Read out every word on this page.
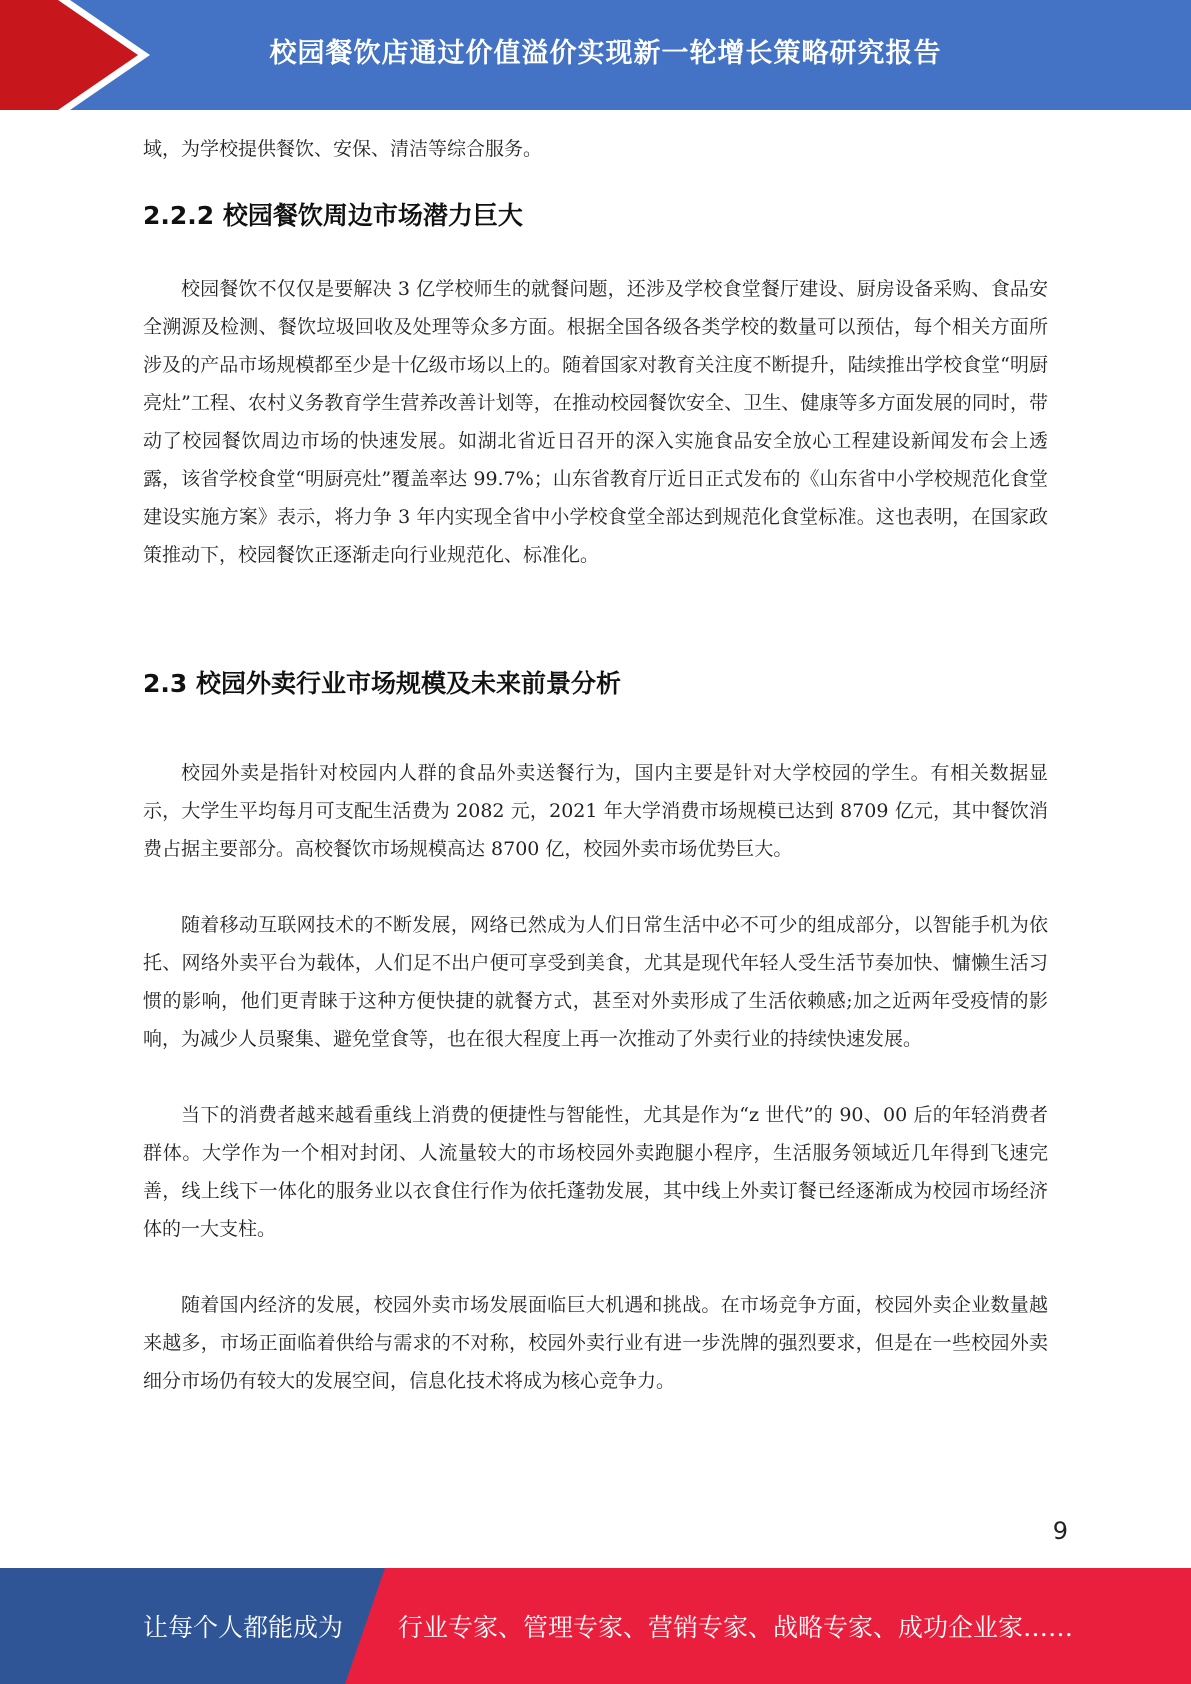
校园餐饮店通过价值溢价实现新一轮增长策略研究报告

域，为学校提供餐饮、安保、清洁等综合服务。

2.2.2 校园餐饮周边市场潜力巨大

校园餐饮不仅仅是要解决 3 亿学校师生的就餐问题，还涉及学校食堂餐厅建设、厨房设备采购、食品安全溯源及检测、餐饮垃圾回收及处理等众多方面。根据全国各级各类学校的数量可以预估，每个相关方面所涉及的产品市场规模都至少是十亿级市场以上的。随着国家对教育关注度不断提升，陆续推出学校食堂“明厨亮灶”工程、农村义务教育学生营养改善计划等，在推动校园餐饮安全、卫生、健康等多方面发展的同时，带动了校园餐饮周边市场的快速发展。如湖北省近日召开的深入实施食品安全放心工程建设新闻发布会上透露，该省学校食堂“明厨亮灶”覆盖率达 99.7%；山东省教育厅近日正式发布的《山东省中小学校规范化食堂建设实施方案》表示，将力争 3 年内实现全省中小学校食堂全部达到规范化食堂标准。这也表明，在国家政策推动下，校园餐饮正逐渐走向行业规范化、标准化。

2.3 校园外卖行业市场规模及未来前景分析

校园外卖是指针对校园内人群的食品外卖送餐行为，国内主要是针对大学校园的学生。有相关数据显示，大学生平均每月可支配生活费为 2082 元，2021 年大学消费市场规模已达到 8709 亿元，其中餐饮消费占据主要部分。高校餐饮市场规模高达 8700 亿，校园外卖市场优势巨大。

随着移动互联网技术的不断发展，网络已然成为人们日常生活中必不可少的组成部分，以智能手机为依托、网络外卖平台为载体，人们足不出户便可享受到美食，尤其是现代年轻人受生活节奏加快、慵懒生活习惯的影响，他们更青睐于这种方便快捷的就餐方式，甚至对外卖形成了生活依赖感;加之近两年受疫情的影响，为减少人员聚集、避免堂食等，也在很大程度上再一次推动了外卖行业的持续快速发展。

当下的消费者越来越看重线上消费的便捷性与智能性，尤其是作为“z 世代”的 90、00 后的年轻消费者群体。大学作为一个相对封闭、人流量较大的市场校园外卖跑腿小程序，生活服务领域近几年得到飞速完善，线上线下一体化的服务业以衣食住行作为依托蓬勃发展，其中线上外卖订餐已经逐渐成为校园市场经济体的一大支柱。

随着国内经济的发展，校园外卖市场发展面临巨大机遇和挑战。在市场竞争方面，校园外卖企业数量越来越多，市场正面临着供给与需求的不对称，校园外卖行业有进一步洗牌的强烈要求，但是在一些校园外卖细分市场仍有较大的发展空间，信息化技术将成为核心竞争力。

9
让每个人都能成为 行业专家、管理专家、营销专家、战略专家、成功企业家……
